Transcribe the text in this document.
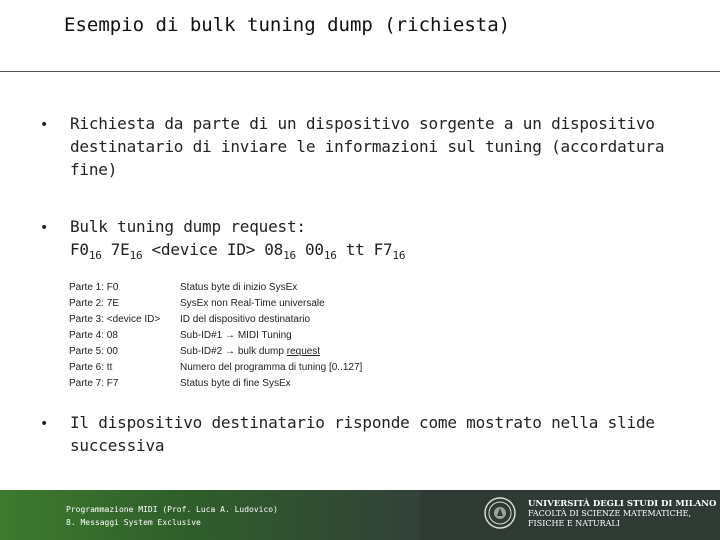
Esempio di bulk tuning dump (richiesta)
• Richiesta da parte di un dispositivo sorgente a un dispositivo destinatario di inviare le informazioni sul tuning (accordatura fine)
• Bulk tuning dump request:
$F0_{16}$ $7E_{16}$ <device $ID> 08_{16}$ $00_{16}$ tt $F7_{16}$
Parte 1: F0	Status byte di inizio SysEx
Parte 2: 7E	SysEx non Real-Time universale
Parte 3: <device ID>	ID del dispositivo destinatario
Parte 4: 08	Sub-ID#1 → MIDI Tuning
Parte 5: 00	Sub-ID#2 → bulk dump request
Parte 6: tt	Numero del programma di tuning [0..127]
Parte 7: F7	Status byte di fine SysEx
• Il dispositivo destinatario risponde come mostrato nella slide successiva
Programmazione MIDI (Prof. Luca A. Ludovico)
8. Messaggi System Exclusive
UNIVERSITÀ DEGLI STUDI DI MILANO
FACOLTÀ DI SCIENZE MATEMATICHE,
FISICHE E NATURALI
